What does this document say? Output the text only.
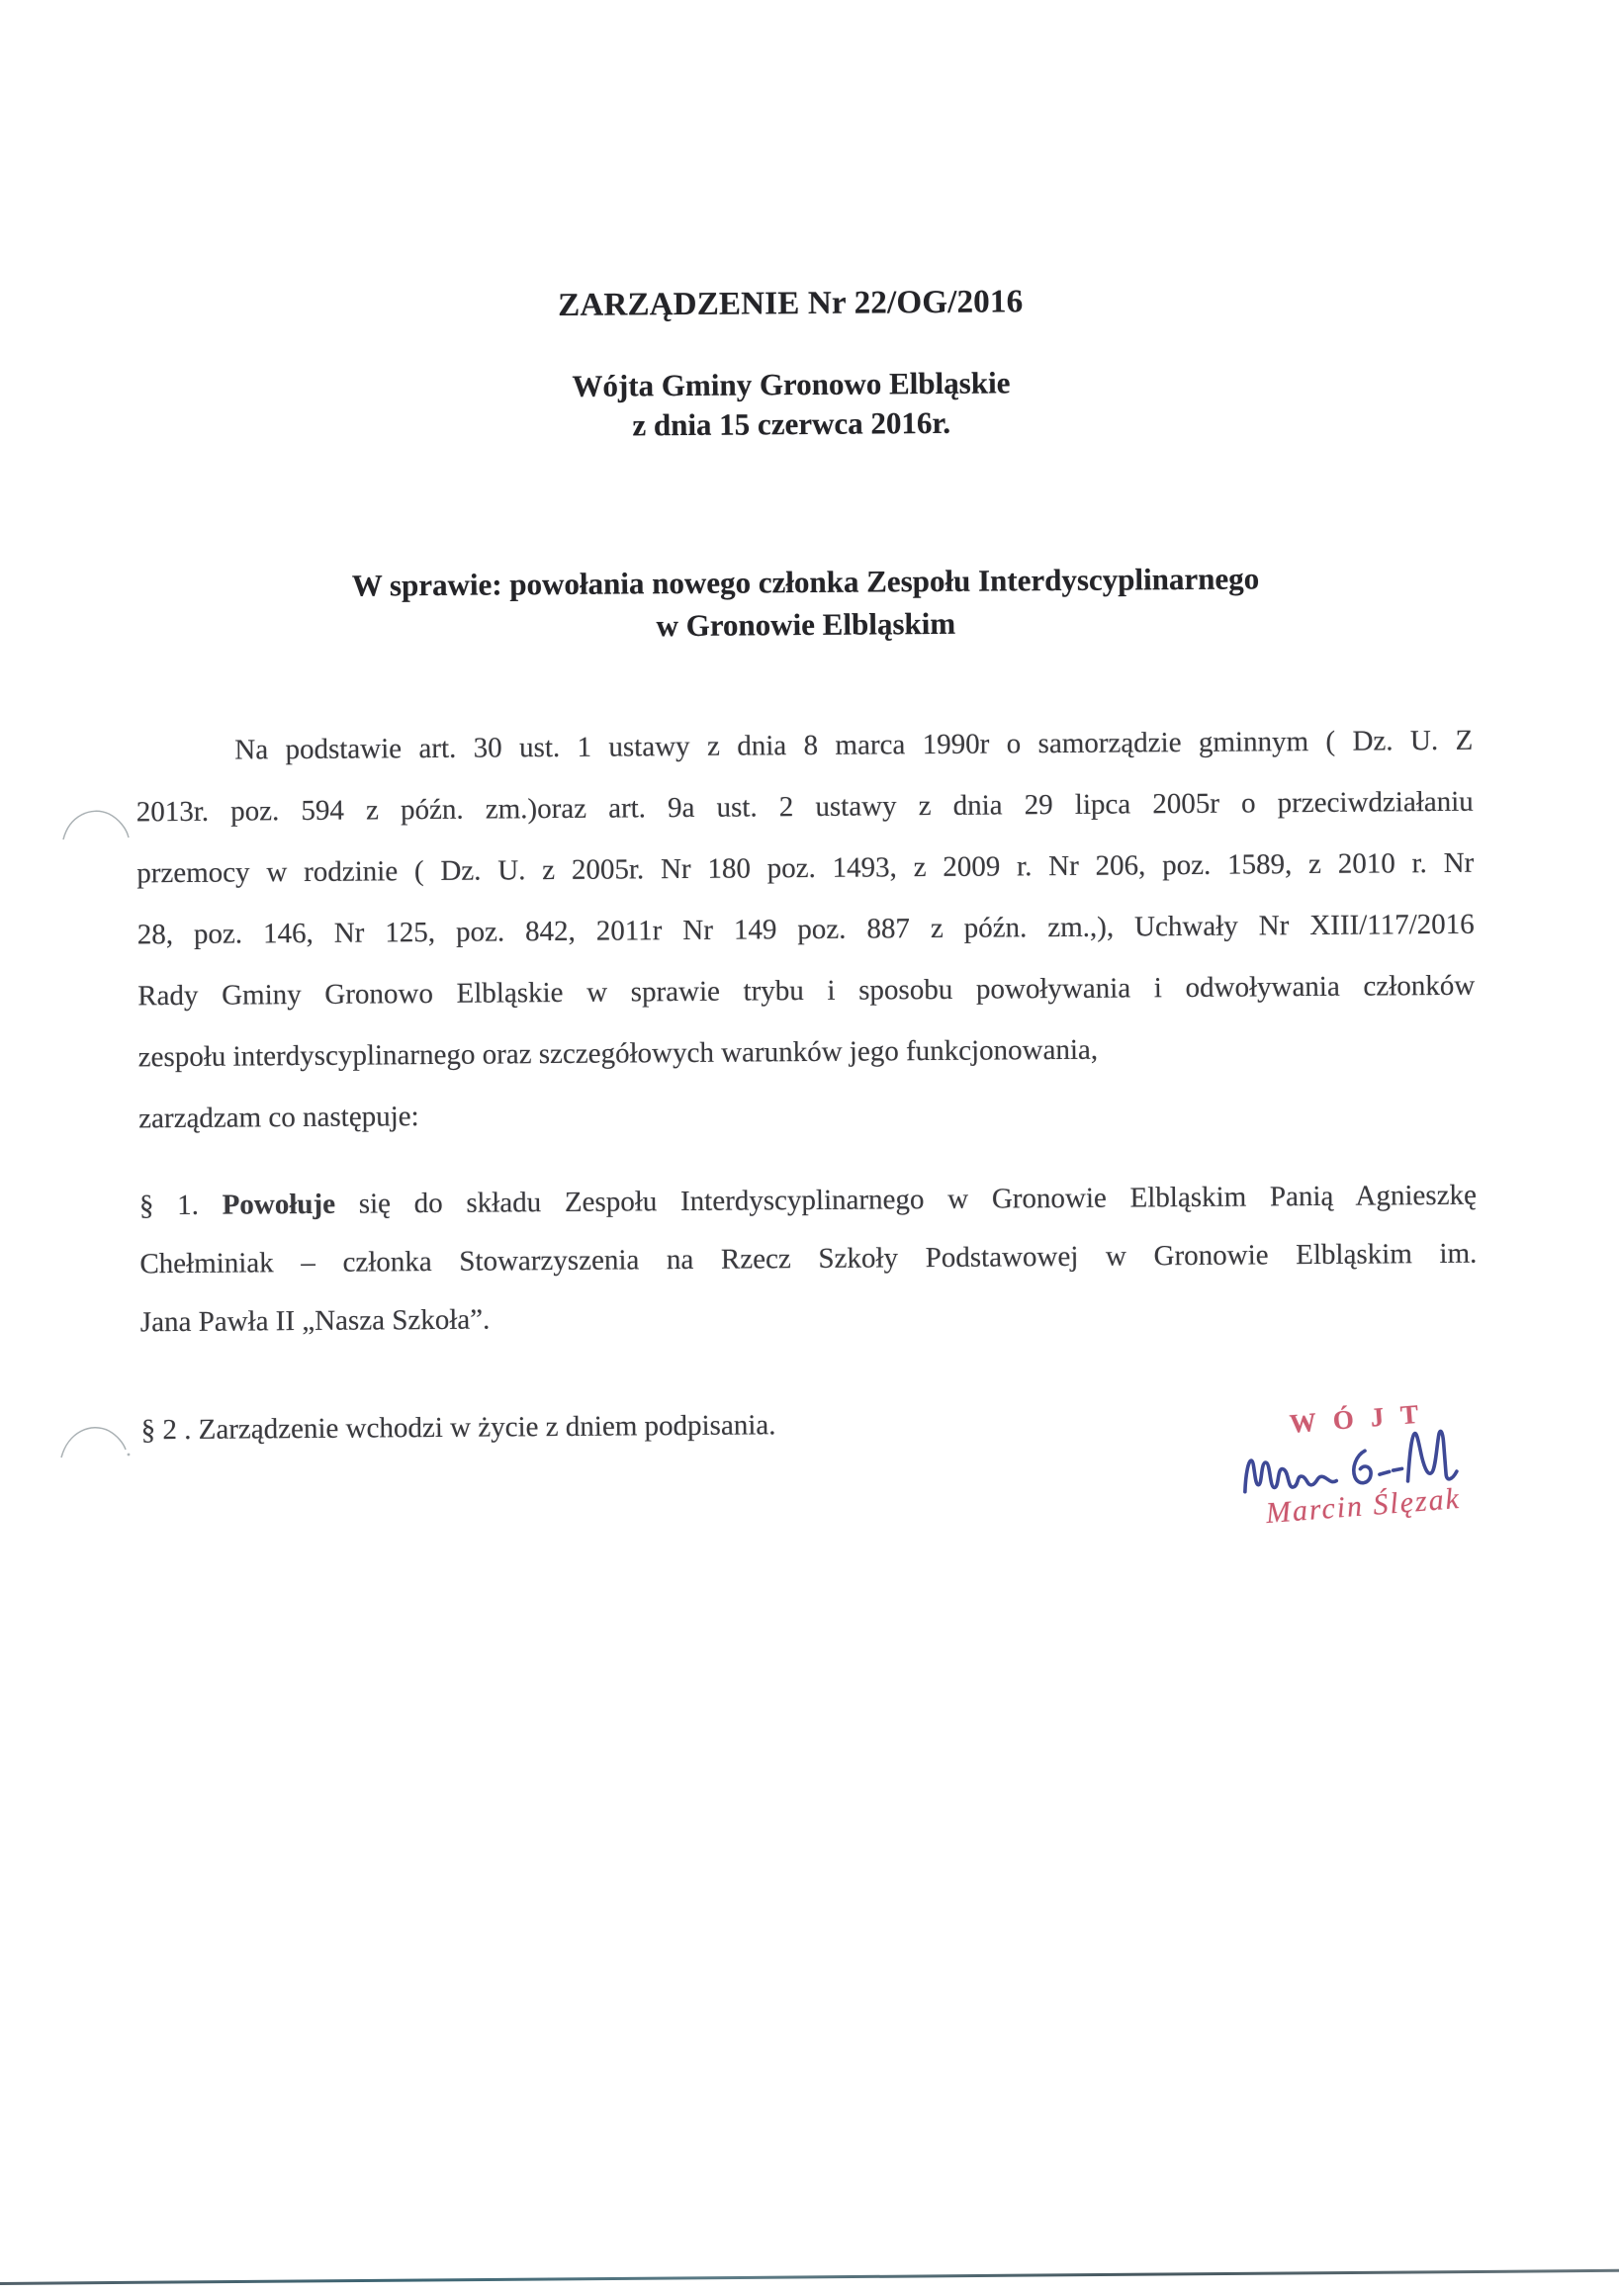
ZARZĄDZENIE Nr 22/OG/2016
Wójta Gminy Gronowo Elbląskie
z dnia 15 czerwca 2016r.
W sprawie: powołania nowego członka Zespołu Interdyscyplinarnego
w Gronowie Elbląskim
Na podstawie art. 30 ust. 1 ustawy z dnia 8 marca 1990r o samorządzie gminnym ( Dz. U. Z
2013r. poz. 594 z późn. zm.)oraz art. 9a ust. 2 ustawy z dnia 29 lipca 2005r o przeciwdziałaniu
przemocy w rodzinie ( Dz. U. z 2005r. Nr 180 poz. 1493, z 2009 r. Nr 206, poz. 1589, z 2010 r. Nr
28, poz. 146, Nr 125, poz. 842, 2011r Nr 149 poz. 887 z późn. zm.,), Uchwały Nr XIII/117/2016
Rady Gminy Gronowo Elbląskie w sprawie trybu i sposobu powoływania i odwoływania członków
zespołu interdyscyplinarnego oraz szczegółowych warunków jego funkcjonowania,
zarządzam co następuje:
§ 1. Powołuje się do składu Zespołu Interdyscyplinarnego w Gronowie Elbląskim Panią Agnieszkę
Chełminiak – członka Stowarzyszenia na Rzecz Szkoły Podstawowej w Gronowie Elbląskim im.
Jana Pawła II „Nasza Szkoła”.
§ 2 . Zarządzenie wchodzi w życie z dniem podpisania.	WÓJT
Marcin Ślęzak
